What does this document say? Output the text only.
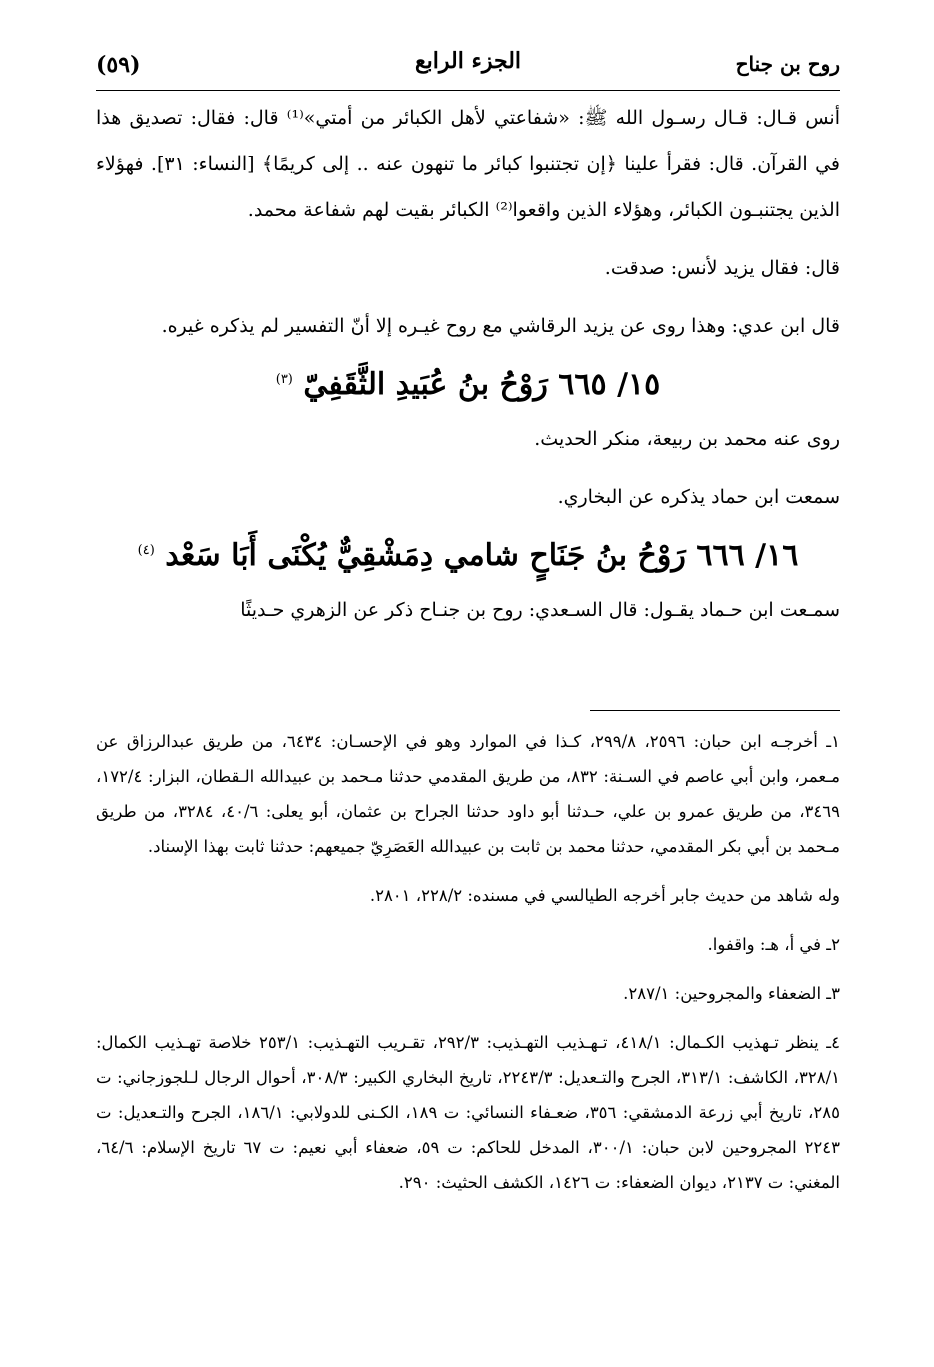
روح بن جناح
الجزء الرابع
(٥٩)

أنس قـال: قـال رسـول الله ﷺ: «شفاعتي لأهل الكبائر من أمتي»⁽¹⁾ قال: فقال: تصديق هذا في القرآن. قال: فقرأ علينا ﴿إن تجتنبوا كبائر ما تنهون عنه .. إلى كريمًا﴾ [النساء: ٣١]. فهؤلاء الذين يجتنبـون الكبائر، وهؤلاء الذين واقعوا⁽²⁾ الكبائر بقيت لهم شفاعة محمد.

قال: فقال يزيد لأنس: صدقت.

قال ابن عدي: وهذا روى عن يزيد الرقاشي مع روح غيـره إلا أنّ التفسير لم يذكره غيره.

١٥/ ٦٦٥ رَوْحُ بنُ عُبَيدِ الثَّقَفِيّ $^{(٣)}$

روى عنه محمد بن ربيعة، منكر الحديث.

سمعت ابن حماد يذكره عن البخاري.

١٦/ ٦٦٦ رَوْحُ بنُ جَنَاحٍ شامي دِمَشْقِيٌّ يُكْنَى أَبَا سَعْد $^{(٤)}$

سمـعت ابن حـماد يقـول: قال السـعدي: روح بن جنـاح ذكر عن الزهري حـديثًا

١ـ أخرجـه ابن حبان: ٢٥٩٦، ٢٩٩/٨، كـذا في الموارد وهو في الإحسـان: ٦٤٣٤، من طريق عبدالرزاق عن مـعمر، وابن أبي عاصم في السـنة: ٨٣٢، من طريق المقدمي حدثنا مـحمد بن عبيدالله الـقطان، البزار: ١٧٢/٤، ٣٤٦٩، من طريق عمرو بن علي، حـدثنا أبو داود حدثنا الجراح بن عثمان، أبو يعلى: ٤٠/٦، ٣٢٨٤، من طريق مـحمد بن أبي بكر المقدمي، حدثنا محمد بن ثابت بن عبيدالله العَصَرِيّ جميعهم: حدثنا ثابت بهذا الإسناد.

وله شاهد من حديث جابر أخرجه الطيالسي في مسنده: ٢٢٨/٢، ٢٨٠١.

٢ـ في أ، هـ: واقفوا.

٣ـ الضعفاء والمجروحين: ٢٨٧/١.

٤ـ ينظر تـهذيب الكـمال: ٤١٨/١، تـهـذيب التهـذيب: ٢٩٢/٣، تقـريب التهـذيب: ٢٥٣/١ خلاصة تهـذيب الكمال: ٣٢٨/١، الكاشف: ٣١٣/١، الجرح والتـعديل: ٢٢٤٣/٣، تاريخ البخاري الكبير: ٣٠٨/٣، أحوال الرجال لـلجوزجاني: ت ٢٨٥، تاريخ أبي زرعة الدمشقي: ٣٥٦، ضعـفاء النسائي: ت ١٨٩، الكـنى للدولابي: ١٨٦/١، الجرح والتـعديل: ت ٢٢٤٣ المجروحين لابن حبان: ٣٠٠/١، المدخل للحاكم: ت ٥٩، ضعفاء أبي نعيم: ت ٦٧ تاريخ الإسلام: ٦٤/٦، المغني: ت ٢١٣٧، ديوان الضعفاء: ت ١٤٢٦، الكشف الحثيث: ٢٩٠.
